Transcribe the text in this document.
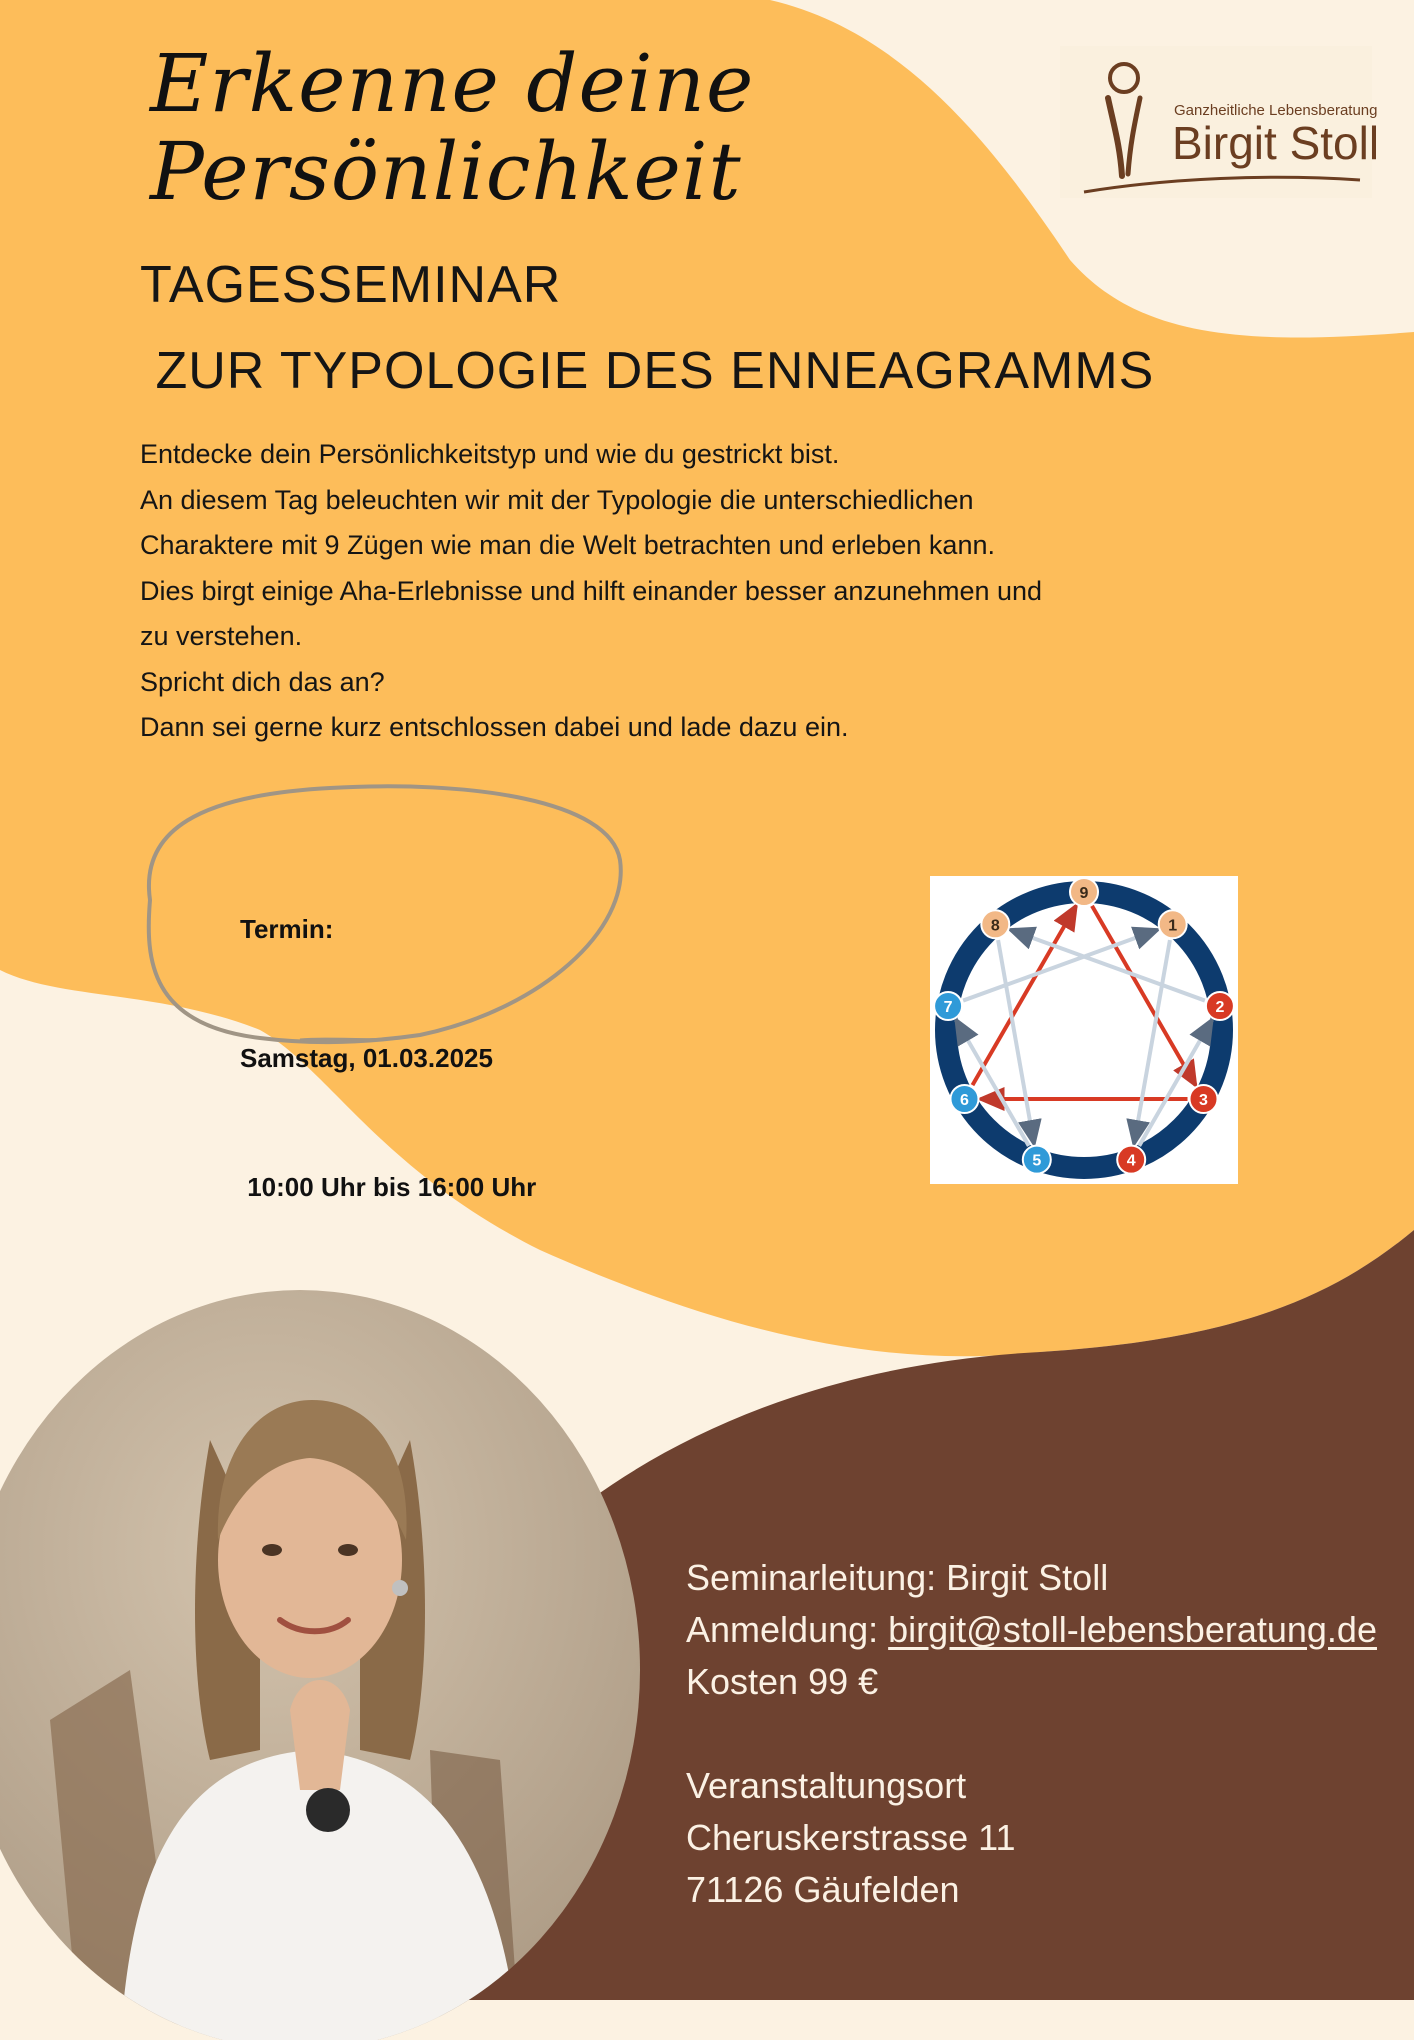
Erkenne deine
Persönlichkeit
Ganzheitliche Lebensberatung
Birgit Stoll
TAGESSEMINAR
ZUR TYPOLOGIE DES ENNEAGRAMMS

Entdecke dein Persönlichkeitstyp und wie du gestrickt bist.

An diesem Tag beleuchten wir mit der Typologie die unterschiedlichen

Charaktere mit 9 Zügen wie man die Welt betrachten und erleben kann.

Dies birgt einige Aha-Erlebnisse und hilft einander besser anzunehmen und

zu verstehen.

Spricht dich das an?

Dann sei gerne kurz entschlossen dabei und lade dazu ein.

Termin:

Samstag, 01.03.2025

10:00 Uhr bis 16:00 Uhr

9
1
2
3
4
5
6
7
8
Seminarleitung: Birgit Stoll
Anmeldung: birgit@stoll-lebensberatung.de
Kosten 99 €
Veranstaltungsort
Cheruskerstrasse 11
71126 Gäufelden
